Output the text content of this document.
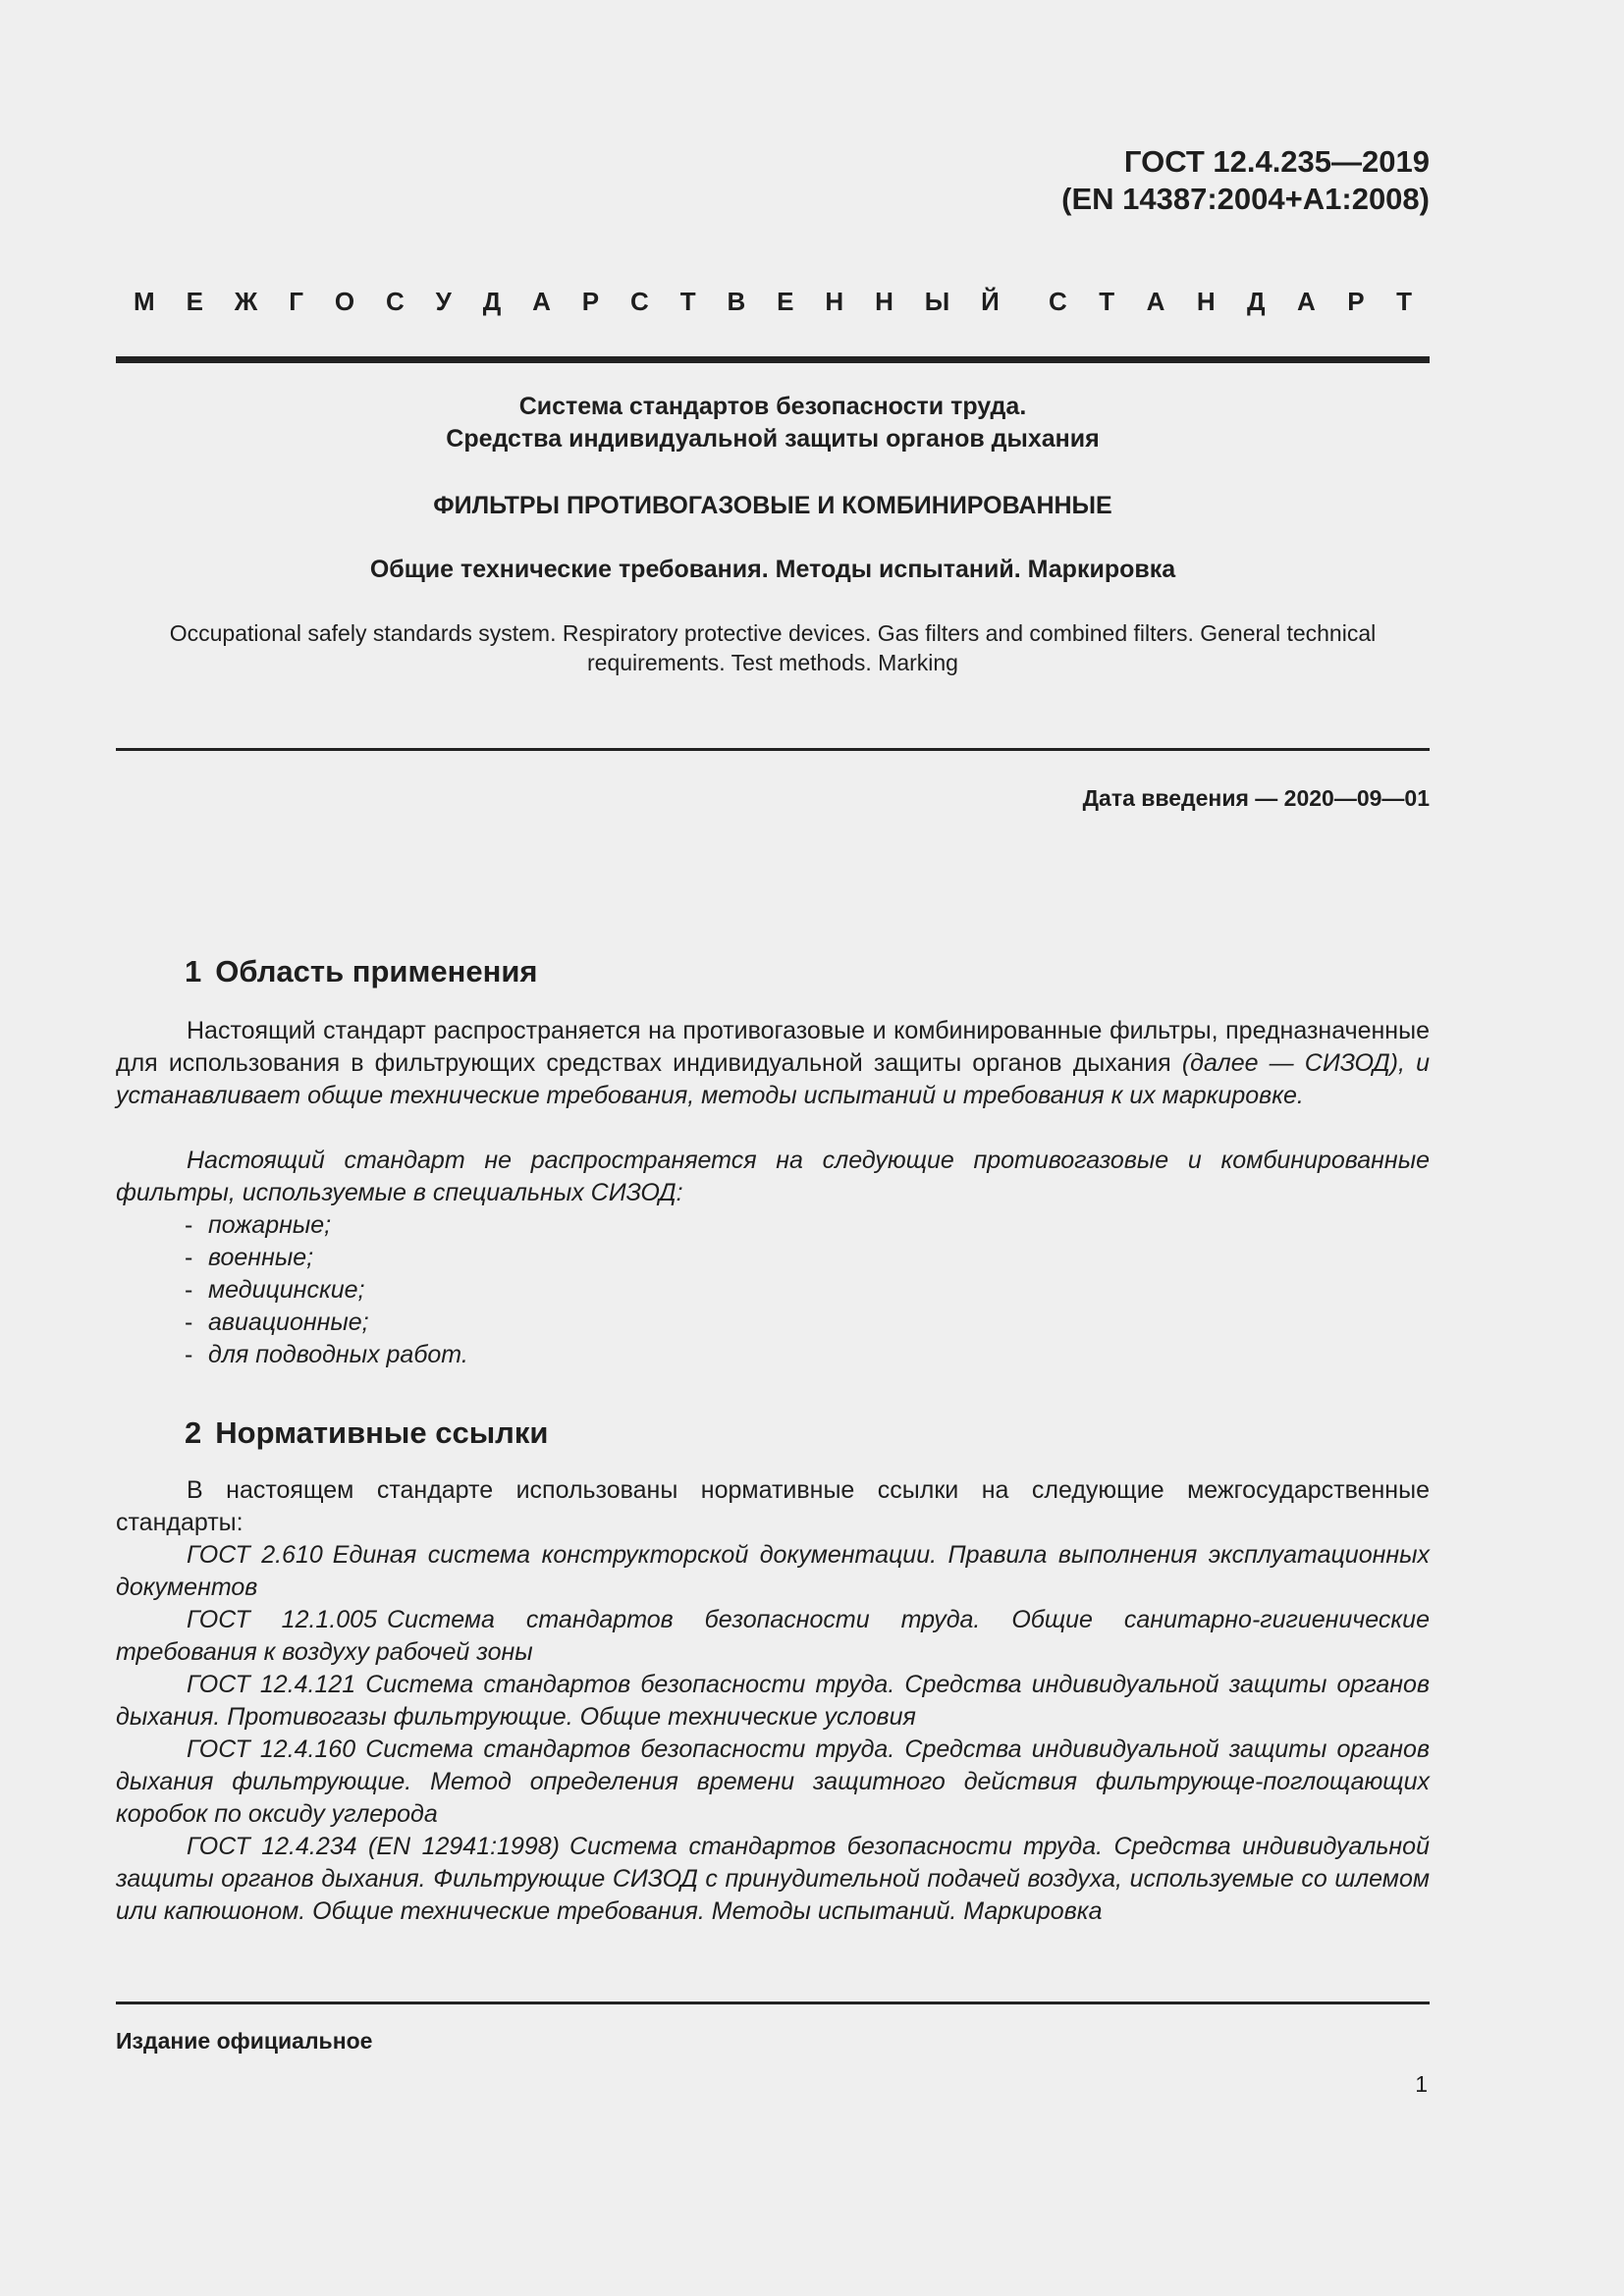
ГОСТ 12.4.235—2019
(EN 14387:2004+A1:2008)
М Е Ж Г О С У Д А Р С Т В Е Н Н Ы Й С Т А Н Д А Р Т
Система стандартов безопасности труда.
Средства индивидуальной защиты органов дыхания
ФИЛЬТРЫ ПРОТИВОГАЗОВЫЕ И КОМБИНИРОВАННЫЕ
Общие технические требования. Методы испытаний. Маркировка
Occupational safely standards system. Respiratory protective devices. Gas filters and combined filters. General technical
requirements. Test methods. Marking
Дата введения — 2020—09—01
1 Область применения
Настоящий стандарт распространяется на противогазовые и комбинированные фильтры, предназначенные для использования в фильтрующих средствах индивидуальной защиты органов дыхания (далее — СИЗОД), и устанавливает общие технические требования, методы испытаний и требования к их маркировке.
Настоящий стандарт не распространяется на следующие противогазовые и комбинированные фильтры, используемые в специальных СИЗОД:
- пожарные;
- военные;
- медицинские;
- авиационные;
- для подводных работ.
2 Нормативные ссылки
В настоящем стандарте использованы нормативные ссылки на следующие межгосударственные стандарты:
ГОСТ 2.610 Единая система конструкторской документации. Правила выполнения эксплуатационных документов
ГОСТ 12.1.005 Система стандартов безопасности труда. Общие санитарно-гигиенические требования к воздуху рабочей зоны
ГОСТ 12.4.121 Система стандартов безопасности труда. Средства индивидуальной защиты органов дыхания. Противогазы фильтрующие. Общие технические условия
ГОСТ 12.4.160 Система стандартов безопасности труда. Средства индивидуальной защиты органов дыхания фильтрующие. Метод определения времени защитного действия фильтрующе-поглощающих коробок по оксиду углерода
ГОСТ 12.4.234 (EN 12941:1998) Система стандартов безопасности труда. Средства индивидуальной защиты органов дыхания. Фильтрующие СИЗОД с принудительной подачей воздуха, используемые со шлемом или капюшоном. Общие технические требования. Методы испытаний. Маркировка
Издание официальное
1
